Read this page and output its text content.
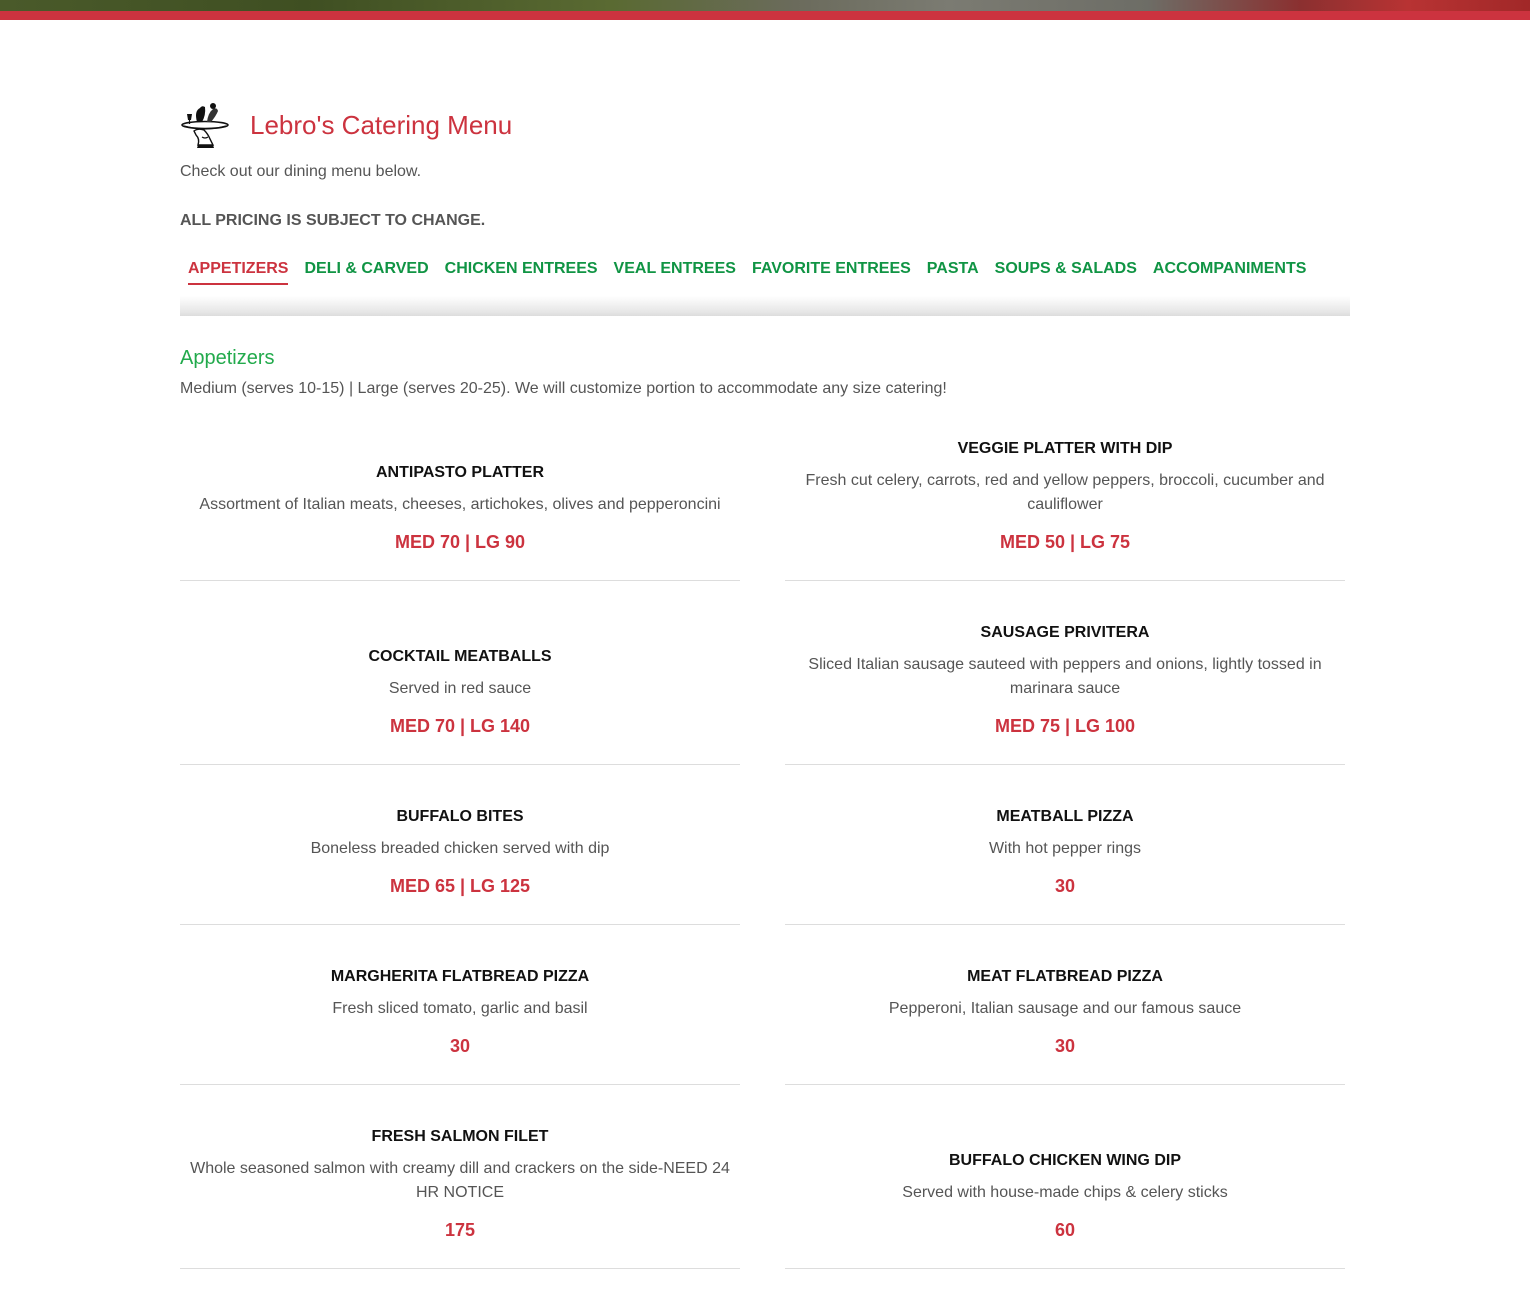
Lebro's Catering Menu

Check out our dining menu below.

ALL PRICING IS SUBJECT TO CHANGE.

APPETIZERS DELI & CARVED CHICKEN ENTREES VEAL ENTREES FAVORITE ENTREES PASTA SOUPS & SALADS ACCOMPANIMENTS
Appetizers

Medium (serves 10-15) | Large (serves 20-25). We will customize portion to accommodate any size catering!

ANTIPASTO PLATTER
Assortment of Italian meats, cheeses, artichokes, olives and pepperoncini
MED 70 | LG 90
VEGGIE PLATTER WITH DIP
Fresh cut celery, carrots, red and yellow peppers, broccoli, cucumber and cauliflower
MED 50 | LG 75
COCKTAIL MEATBALLS
Served in red sauce
MED 70 | LG 140
SAUSAGE PRIVITERA
Sliced Italian sausage sauteed with peppers and onions, lightly tossed in marinara sauce
MED 75 | LG 100
BUFFALO BITES
Boneless breaded chicken served with dip
MED 65 | LG 125
MEATBALL PIZZA
With hot pepper rings
30
MARGHERITA FLATBREAD PIZZA
Fresh sliced tomato, garlic and basil
30
MEAT FLATBREAD PIZZA
Pepperoni, Italian sausage and our famous sauce
30
FRESH SALMON FILET
Whole seasoned salmon with creamy dill and crackers on the side-NEED 24 HR NOTICE
175
BUFFALO CHICKEN WING DIP
Served with house-made chips & celery sticks
60
